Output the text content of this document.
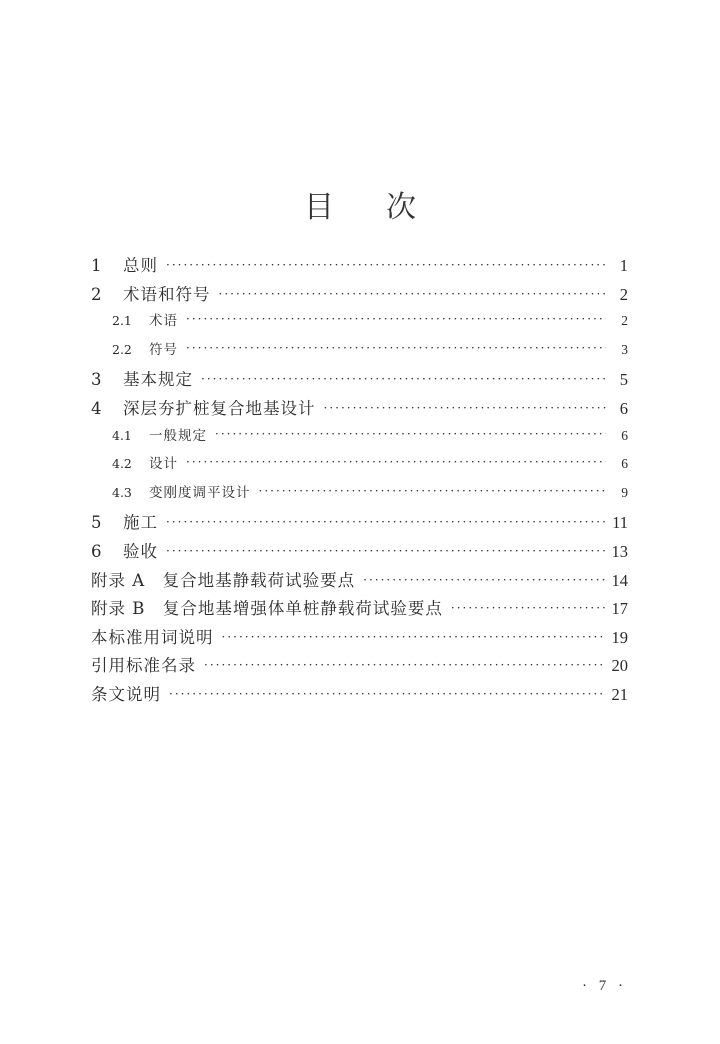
目 次
1	总则 ·····	1
2	术语和符号 ·····	2
2.1	术语 ·····	2
2.2	符号 ·····	3
3	基本规定 ·····	5
4	深层夯扩桩复合地基设计 ·····	6
4.1	一般规定 ·····	6
4.2	设计 ·····	6
4.3	变刚度调平设计 ·····	9
5	施工 ·····	11
6	验收 ·····	13
附录 A　复合地基静载荷试验要点 ·····	14
附录 B　复合地基增强体单桩静载荷试验要点 ·····	17
本标准用词说明 ·····	19
引用标准名录 ·····	20
条文说明 ·····	21
· 7 ·
